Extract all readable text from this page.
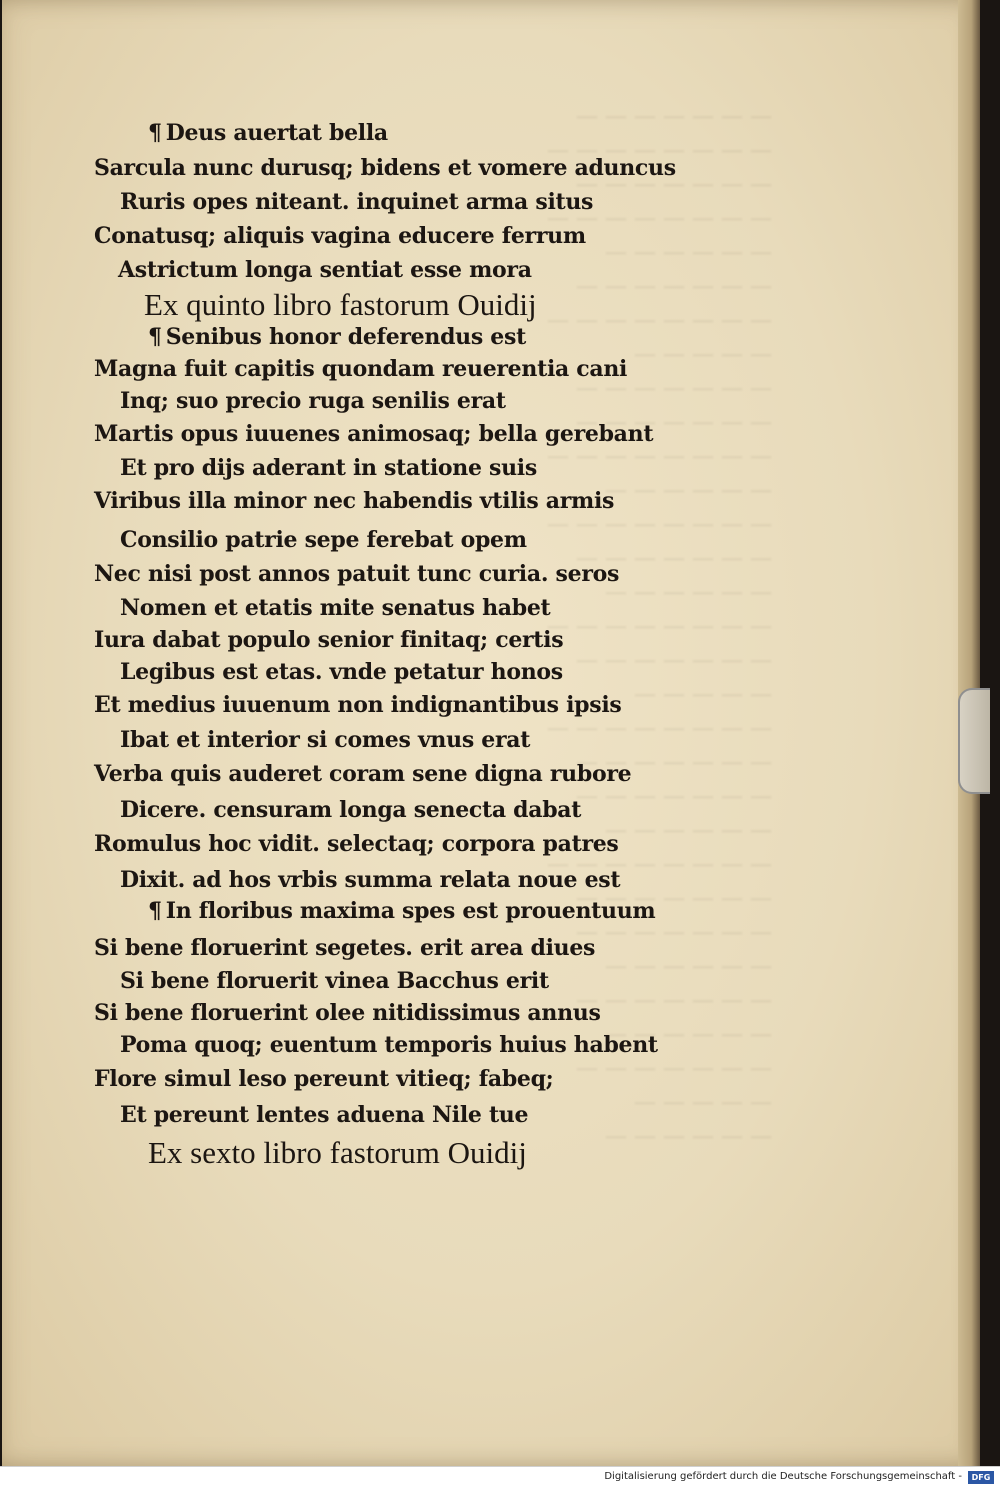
— — — — — — —
— — — — — — — —
— — — — — — —
— — — — — — — —
— — — — — —
— — — — — — —
— — — — — — — —
— — — — —
— — — — — — —
— — — — — — —
— — — — — — — —
— — — — — —
— — — — — — — —
— — — — — — —
— — — — — —
— — — — — — — —
— — — — — — —
— — — — —
— — — — — — — —
— — — — — — —
— — — — — — —
— — — — — —
— — — — — — — —
— — — — — — —
— — — — — — —
— — — — — —
— — — — — — —
— — — — — —
— — — — — — —
— — — — —
— — — — — —
¶ Deus auertat bella
Sarcula nunc durusq; bidens et vomere aduncus
Ruris opes niteant. inquinet arma situs
Conatusq; aliquis vagina educere ferrum
Astrictum longa sentiat esse mora
Ex quinto libro fastorum Ouidij
¶ Senibus honor deferendus est
Magna fuit capitis quondam reuerentia cani
Inq; suo precio ruga senilis erat
Martis opus iuuenes animosaq; bella gerebant
Et pro dijs aderant in statione suis
Viribus illa minor nec habendis vtilis armis
Consilio patrie sepe ferebat opem
Nec nisi post annos patuit tunc curia. seros
Nomen et etatis mite senatus habet
Iura dabat populo senior finitaq; certis
Legibus est etas. vnde petatur honos
Et medius iuuenum non indignantibus ipsis
Ibat et interior si comes vnus erat
Verba quis auderet coram sene digna rubore
Dicere. censuram longa senecta dabat
Romulus hoc vidit. selectaq; corpora patres
Dixit. ad hos vrbis summa relata noue est
¶ In floribus maxima spes est prouentuum
Si bene floruerint segetes. erit area diues
Si bene floruerit vinea Bacchus erit
Si bene floruerint olee nitidissimus annus
Poma quoq; euentum temporis huius habent
Flore simul leso pereunt vitieq; fabeq;
Et pereunt lentes aduena Nile tue
Ex sexto libro fastorum Ouidij
Digitalisierung gefördert durch die Deutsche Forschungsgemeinschaft -	DFG
